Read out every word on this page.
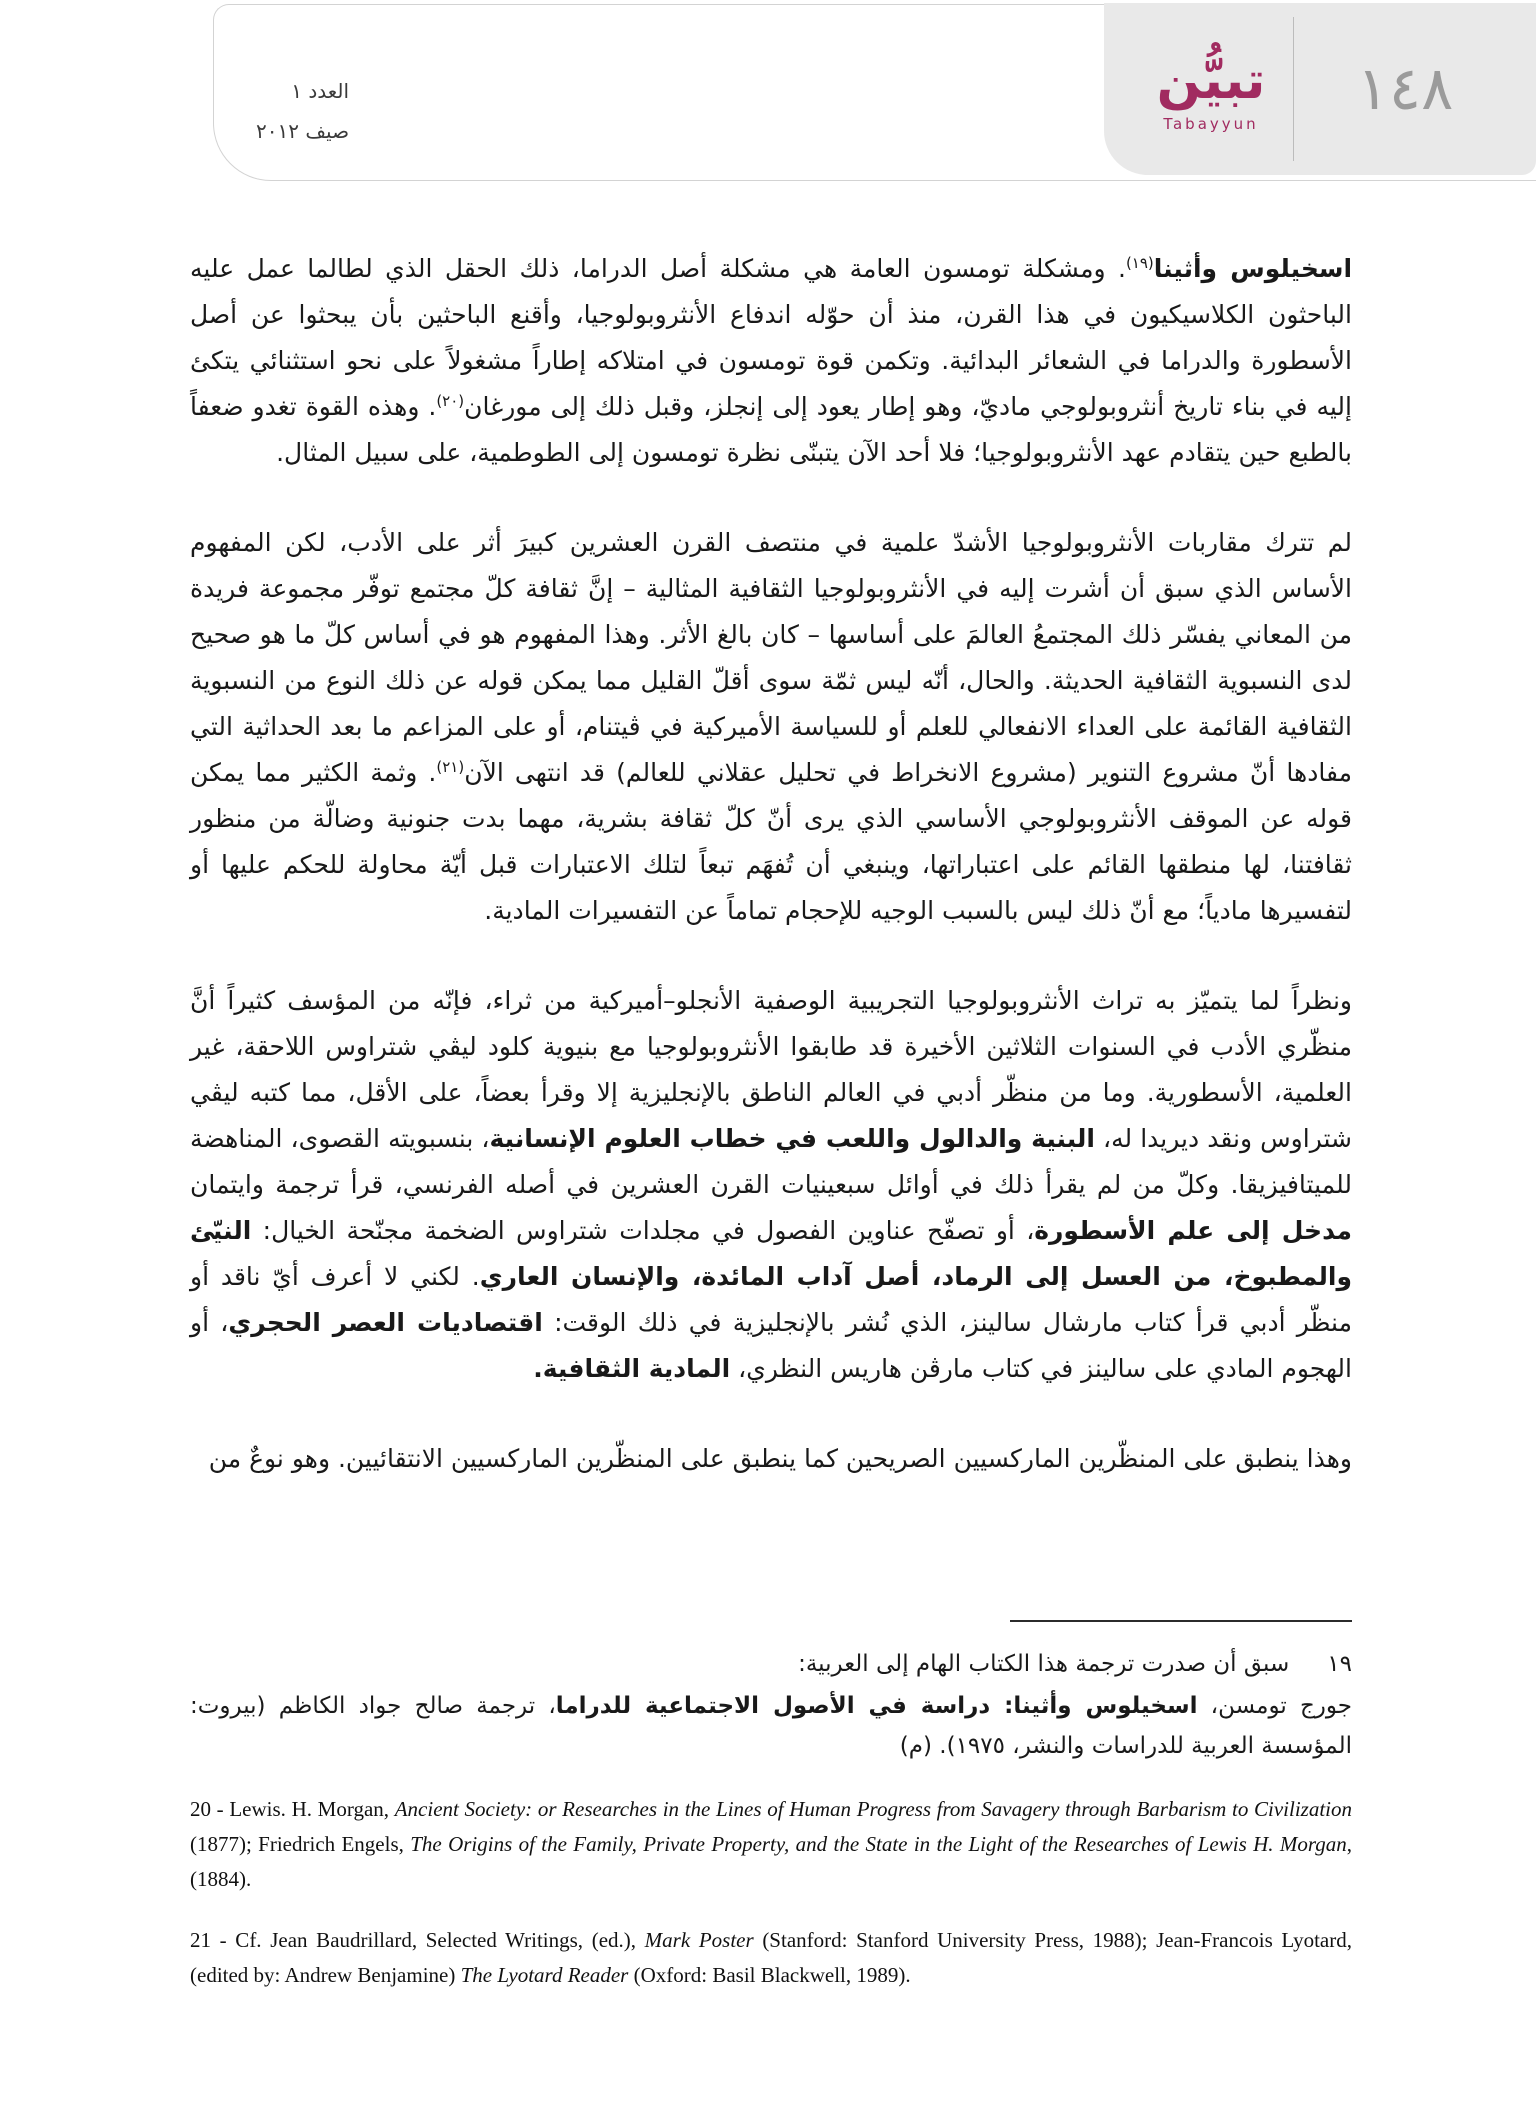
العدد ١
صيف ٢٠١٢
تبيُّن
Tabayyun	١٤٨

اسخيلوس وأثينا$^{(١٩)}$. ومشكلة تومسون العامة هي مشكلة أصل الدراما، ذلك الحقل الذي لطالما عمل عليه الباحثون الكلاسيكيون في هذا القرن، منذ أن حوّله اندفاع الأنثروبولوجيا، وأقنع الباحثين بأن يبحثوا عن أصل الأسطورة والدراما في الشعائر البدائية. وتكمن قوة تومسون في امتلاكه إطاراً مشغولاً على نحو استثنائي يتكئ إليه في بناء تاريخ أنثروبولوجي ماديّ، وهو إطار يعود إلى إنجلز، وقبل ذلك إلى مورغان$^{(٢٠)}$. وهذه القوة تغدو ضعفاً بالطبع حين يتقادم عهد الأنثروبولوجيا؛ فلا أحد الآن يتبنّى نظرة تومسون إلى الطوطمية، على سبيل المثال.

لم تترك مقاربات الأنثروبولوجيا الأشدّ علمية في منتصف القرن العشرين كبيرَ أثر على الأدب، لكن المفهوم الأساس الذي سبق أن أشرت إليه في الأنثروبولوجيا الثقافية المثالية – إنَّ ثقافة كلّ مجتمع توفّر مجموعة فريدة من المعاني يفسّر ذلك المجتمعُ العالمَ على أساسها – كان بالغ الأثر. وهذا المفهوم هو في أساس كلّ ما هو صحيح لدى النسبوية الثقافية الحديثة. والحال، أنّه ليس ثمّة سوى أقلّ القليل مما يمكن قوله عن ذلك النوع من النسبوية الثقافية القائمة على العداء الانفعالي للعلم أو للسياسة الأميركية في ڤيتنام، أو على المزاعم ما بعد الحداثية التي مفادها أنّ مشروع التنوير (مشروع الانخراط في تحليل عقلاني للعالم) قد انتهى الآن$^{(٢١)}$. وثمة الكثير مما يمكن قوله عن الموقف الأنثروبولوجي الأساسي الذي يرى أنّ كلّ ثقافة بشرية، مهما بدت جنونية وضالّة من منظور ثقافتنا، لها منطقها القائم على اعتباراتها، وينبغي أن تُفهَم تبعاً لتلك الاعتبارات قبل أيّة محاولة للحكم عليها أو لتفسيرها مادياً؛ مع أنّ ذلك ليس بالسبب الوجيه للإحجام تماماً عن التفسيرات المادية.

ونظراً لما يتميّز به تراث الأنثروبولوجيا التجريبية الوصفية الأنجلو–أميركية من ثراء، فإنّه من المؤسف كثيراً أنَّ منظّري الأدب في السنوات الثلاثين الأخيرة قد طابقوا الأنثروبولوجيا مع بنيوية كلود ليڤي شتراوس اللاحقة، غير العلمية، الأسطورية. وما من منظّر أدبي في العالم الناطق بالإنجليزية إلا وقرأ بعضاً، على الأقل، مما كتبه ليڤي شتراوس ونقد ديريدا له، البنية والدالول واللعب في خطاب العلوم الإنسانية، بنسبويته القصوى، المناهضة للميتافيزيقا. وكلّ من لم يقرأ ذلك في أوائل سبعينيات القرن العشرين في أصله الفرنسي، قرأ ترجمة وايتمان مدخل إلى علم الأسطورة، أو تصفّح عناوين الفصول في مجلدات شتراوس الضخمة مجنّحة الخيال: النيّئ والمطبوخ، من العسل إلى الرماد، أصل آداب المائدة، والإنسان العاري. لكني لا أعرف أيّ ناقد أو منظّر أدبي قرأ كتاب مارشال سالينز، الذي نُشر بالإنجليزية في ذلك الوقت: اقتصاديات العصر الحجري، أو الهجوم المادي على سالينز في كتاب مارڤن هاريس النظري، المادية الثقافية.

وهذا ينطبق على المنظّرين الماركسيين الصريحين كما ينطبق على المنظّرين الماركسيين الانتقائيين. وهو نوعٌ من

١٩سبق أن صدرت ترجمة هذا الكتاب الهام إلى العربية:
جورج تومسن، اسخيلوس وأثينا: دراسة في الأصول الاجتماعية للدراما، ترجمة صالح جواد الكاظم (بيروت: المؤسسة العربية للدراسات والنشر، ١٩٧٥). (م)
20 - Lewis. H. Morgan, Ancient Society: or Researches in the Lines of Human Progress from Savagery through Barbarism to Civilization (1877); Friedrich Engels, The Origins of the Family, Private Property, and the State in the Light of the Researches of Lewis H. Morgan, (1884).
21 - Cf. Jean Baudrillard, Selected Writings, (ed.), Mark Poster (Stanford: Stanford University Press, 1988); Jean-Francois Lyotard, (edited by: Andrew Benjamine) The Lyotard Reader (Oxford: Basil Blackwell, 1989).
